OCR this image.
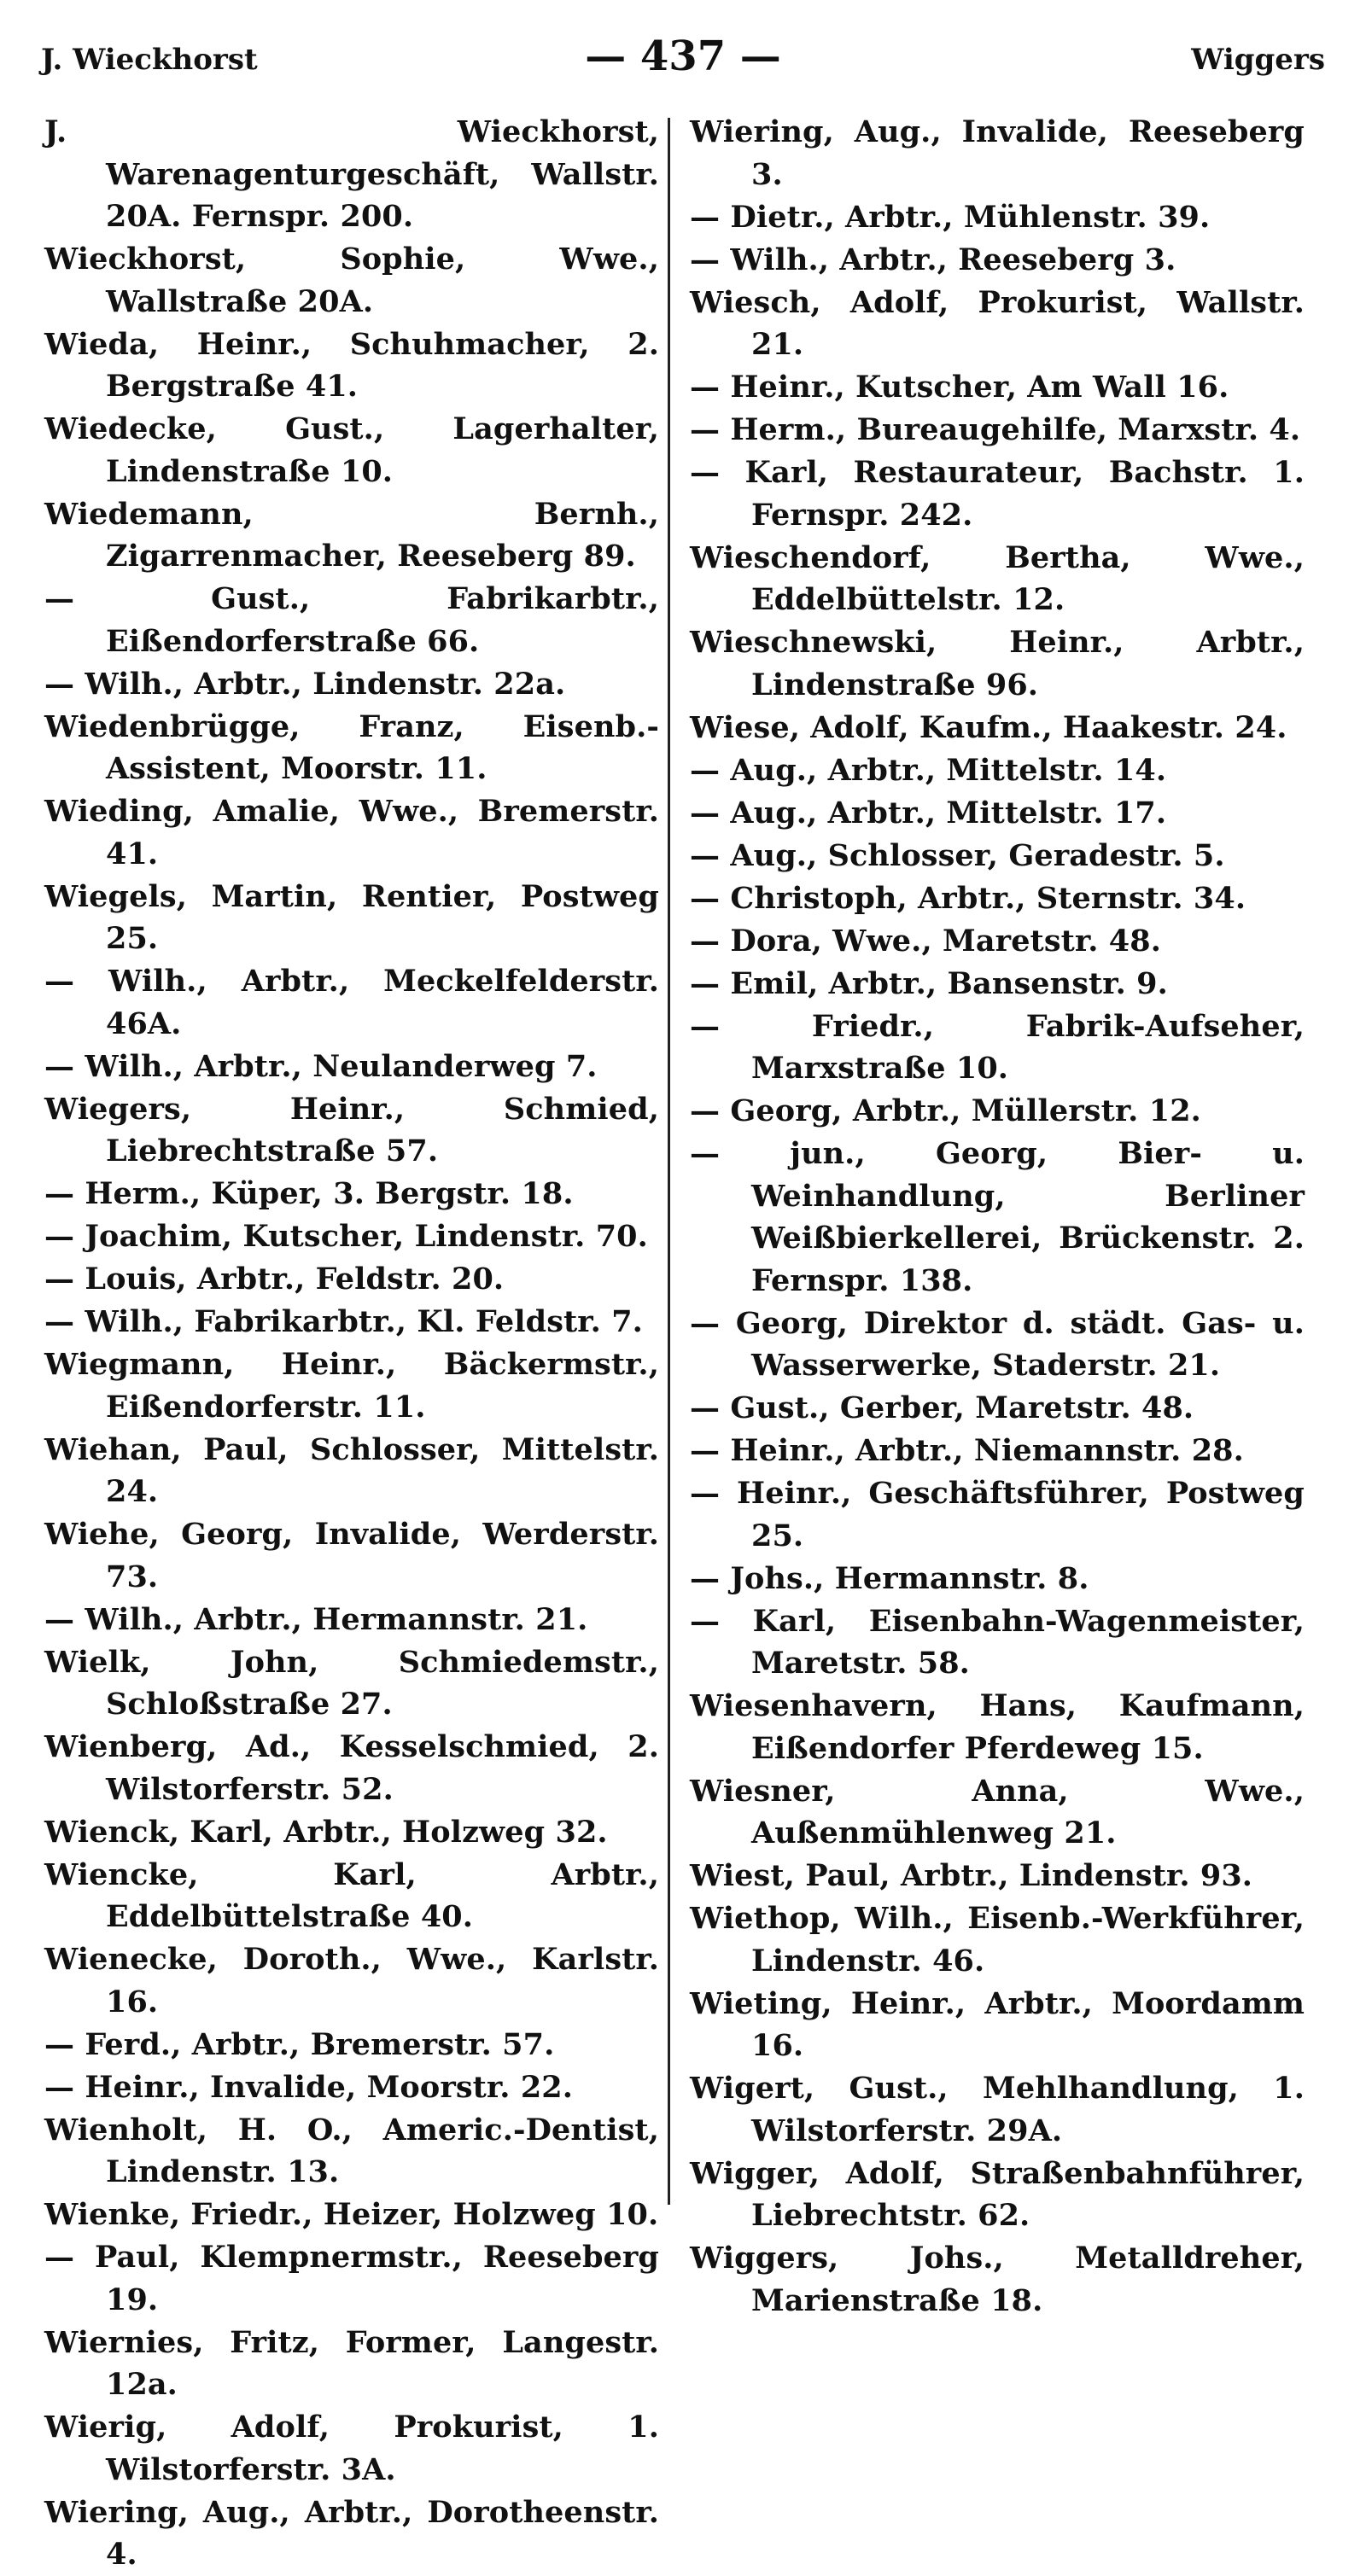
J. Wieckhorst	— 437 —	Wiggers

J. Wieckhorst, Warenagenturgeschäft, Wallstr. 20A. Fernspr. 200.

Wieckhorst, Sophie, Wwe., Wallstraße 20A.

Wieda, Heinr., Schuhmacher, 2. Bergstraße 41.

Wiedecke, Gust., Lagerhalter, Lindenstraße 10.

Wiedemann, Bernh., Zigarrenmacher, Reeseberg 89.

— Gust., Fabrikarbtr., Eißendorferstraße 66.

— Wilh., Arbtr., Lindenstr. 22a.

Wiedenbrügge, Franz, Eisenb.-Assistent, Moorstr. 11.

Wieding, Amalie, Wwe., Bremerstr. 41.

Wiegels, Martin, Rentier, Postweg 25.

— Wilh., Arbtr., Meckelfelderstr. 46A.

— Wilh., Arbtr., Neulanderweg 7.

Wiegers, Heinr., Schmied, Liebrechtstraße 57.

— Herm., Küper, 3. Bergstr. 18.

— Joachim, Kutscher, Lindenstr. 70.

— Louis, Arbtr., Feldstr. 20.

— Wilh., Fabrikarbtr., Kl. Feldstr. 7.

Wiegmann, Heinr., Bäckermstr., Eißendorferstr. 11.

Wiehan, Paul, Schlosser, Mittelstr. 24.

Wiehe, Georg, Invalide, Werderstr. 73.

— Wilh., Arbtr., Hermannstr. 21.

Wielk, John, Schmiedemstr., Schloßstraße 27.

Wienberg, Ad., Kesselschmied, 2. Wilstorferstr. 52.

Wienck, Karl, Arbtr., Holzweg 32.

Wiencke, Karl, Arbtr., Eddelbüttelstraße 40.

Wienecke, Doroth., Wwe., Karlstr. 16.

— Ferd., Arbtr., Bremerstr. 57.

— Heinr., Invalide, Moorstr. 22.

Wienholt, H. O., Americ.-Dentist, Lindenstr. 13.

Wienke, Friedr., Heizer, Holzweg 10.

— Paul, Klempnermstr., Reeseberg 19.

Wiernies, Fritz, Former, Langestr. 12a.

Wierig, Adolf, Prokurist, 1. Wilstorferstr. 3A.

Wiering, Aug., Arbtr., Dorotheenstr. 4.

Wiering, Aug., Invalide, Reeseberg 3.

— Dietr., Arbtr., Mühlenstr. 39.

— Wilh., Arbtr., Reeseberg 3.

Wiesch, Adolf, Prokurist, Wallstr. 21.

— Heinr., Kutscher, Am Wall 16.

— Herm., Bureaugehilfe, Marxstr. 4.

— Karl, Restaurateur, Bachstr. 1. Fernspr. 242.

Wieschendorf, Bertha, Wwe., Eddelbüttelstr. 12.

Wieschnewski, Heinr., Arbtr., Lindenstraße 96.

Wiese, Adolf, Kaufm., Haakestr. 24.

— Aug., Arbtr., Mittelstr. 14.

— Aug., Arbtr., Mittelstr. 17.

— Aug., Schlosser, Geradestr. 5.

— Christoph, Arbtr., Sternstr. 34.

— Dora, Wwe., Maretstr. 48.

— Emil, Arbtr., Bansenstr. 9.

— Friedr., Fabrik-Aufseher, Marxstraße 10.

— Georg, Arbtr., Müllerstr. 12.

— jun., Georg, Bier- u. Weinhandlung, Berliner Weißbierkellerei, Brückenstr. 2. Fernspr. 138.

— Georg, Direktor d. städt. Gas- u. Wasserwerke, Staderstr. 21.

— Gust., Gerber, Maretstr. 48.

— Heinr., Arbtr., Niemannstr. 28.

— Heinr., Geschäftsführer, Postweg 25.

— Johs., Hermannstr. 8.

— Karl, Eisenbahn-Wagenmeister, Maretstr. 58.

Wiesenhavern, Hans, Kaufmann, Eißendorfer Pferdeweg 15.

Wiesner, Anna, Wwe., Außenmühlenweg 21.

Wiest, Paul, Arbtr., Lindenstr. 93.

Wiethop, Wilh., Eisenb.-Werkführer, Lindenstr. 46.

Wieting, Heinr., Arbtr., Moordamm 16.

Wigert, Gust., Mehlhandlung, 1. Wilstorferstr. 29A.

Wigger, Adolf, Straßenbahnführer, Liebrechtstr. 62.

Wiggers, Johs., Metalldreher, Marienstraße 18.
